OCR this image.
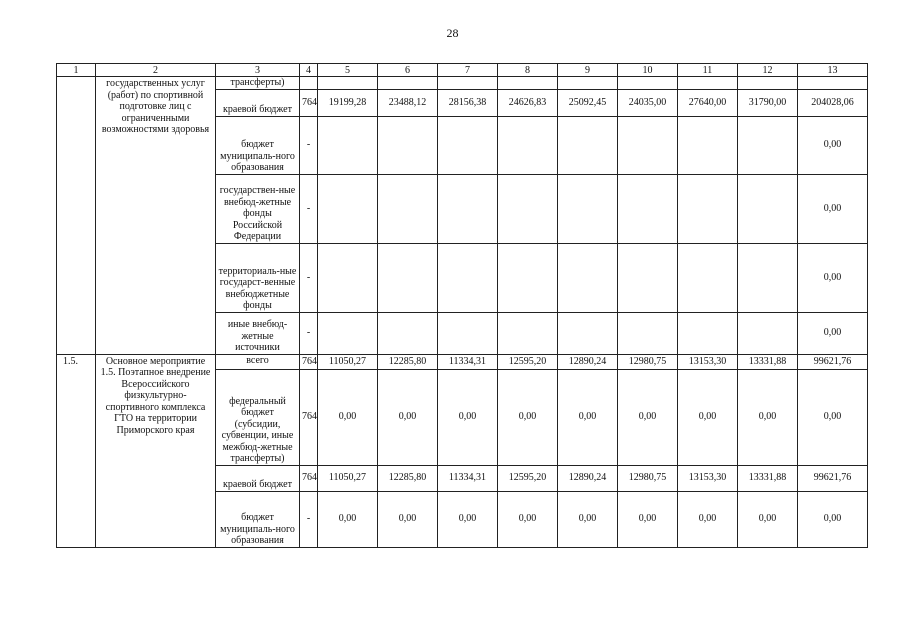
28
1	2	3	4	5	6	7	8	9	10	11	12	13
	государственных услуг (работ) по спортивной подготовке лиц с ограниченными возможностями здоровья	трансферты)										
		краевой бюджет	764	19199,28	23488,12	28156,38	24626,83	25092,45	24035,00	27640,00	31790,00	204028,06
		бюджет муниципаль-ного образования	-									0,00
		государствен-ные внебюд-жетные фонды Российской Федерации	-									0,00
		территориаль-ные государст-венные внебюджетные фонды	-									0,00
		иные внебюд-жетные источники	-									0,00
1.5.	Основное мероприятие 1.5. Поэтапное внедрение Всероссийского физкультурно-спортивного комплекса ГТО на территории Приморского края	всего	764	11050,27	12285,80	11334,31	12595,20	12890,24	12980,75	13153,30	13331,88	99621,76
		федеральный бюджет (субсидии, субвенции, иные межбюд-жетные трансферты)	764	0,00	0,00	0,00	0,00	0,00	0,00	0,00	0,00	0,00
		краевой бюджет	764	11050,27	12285,80	11334,31	12595,20	12890,24	12980,75	13153,30	13331,88	99621,76
		бюджет муниципаль-ного образования	-	0,00	0,00	0,00	0,00	0,00	0,00	0,00	0,00	0,00
